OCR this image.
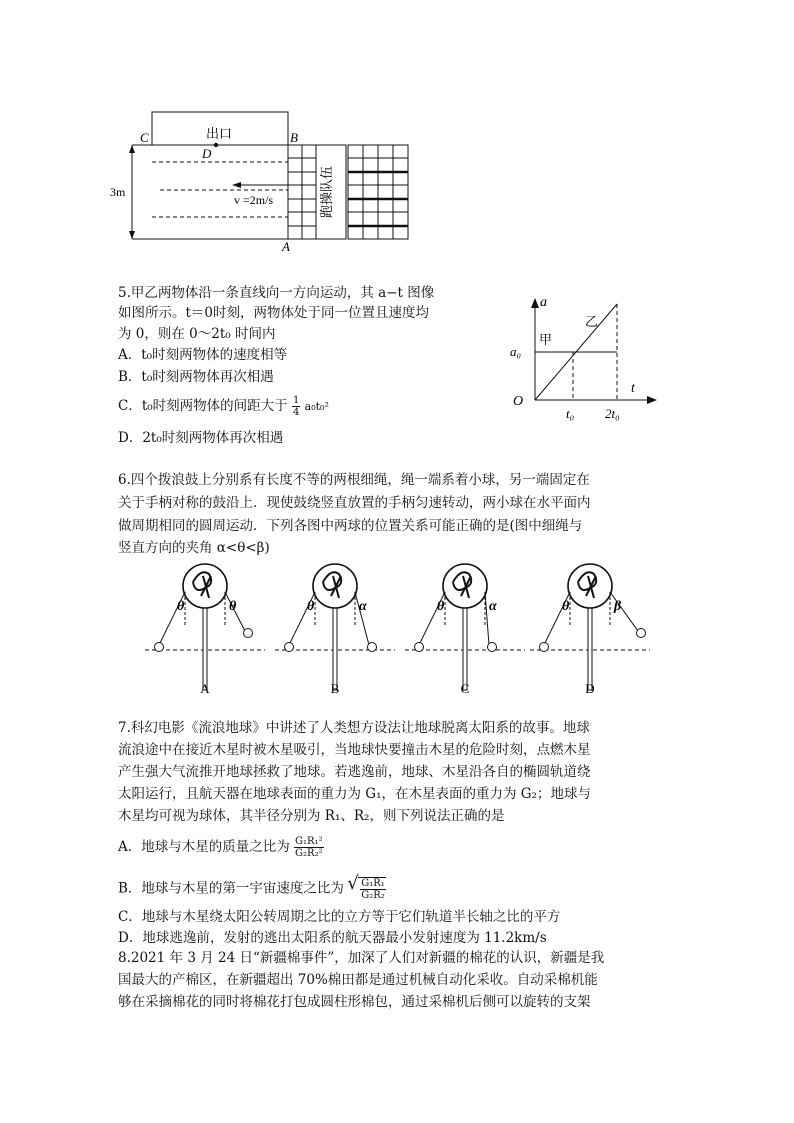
C	B
D
A
出口
3m
v =2m/s	跑操队伍
5.甲乙两物体沿一条直线向一方向运动，其 a−t 图像
如图所示。t＝0时刻，两物体处于同一位置且速度均
为 0，则在 0～2t₀ 时间内
A．t₀时刻两物体的速度相等
B．t₀时刻两物体再次相遇
C．t₀时刻两物体的间距大于 $\frac{1}{4} a_0t_0^2$
D．2t₀时刻两物体再次相遇
a
t
O
a₀
t₀ 2t₀
甲
乙
6.四个拨浪鼓上分别系有长度不等的两根细绳，绳一端系着小球，另一端固定在
关于手柄对称的鼓沿上．现使鼓绕竖直放置的手柄匀速转动，两小球在水平面内
做周期相同的圆周运动．下列各图中两球的位置关系可能正确的是(图中细绳与
竖直方向的夹角 α<θ<β)
θ	θ
A
θ	α
B
θ	α
C
θ	β
D
7.科幻电影《流浪地球》中讲述了人类想方设法让地球脱离太阳系的故事。地球
流浪途中在接近木星时被木星吸引，当地球快要撞击木星的危险时刻，点燃木星
产生强大气流推开地球拯救了地球。若逃逸前，地球、木星沿各自的椭圆轨道绕
太阳运行，且航天器在地球表面的重力为 G₁，在木星表面的重力为 G₂；地球与
木星均可视为球体，其半径分别为 R₁、R₂，则下列说法正确的是
A．地球与木星的质量之比为 $\frac{\text{G₁R₁²}}{\text{G₂R₂²}}$
B．地球与木星的第一宇宙速度之比为
√ $\frac{\text{G₁R₁}}{\text{G₂R₂}}$
C．地球与木星绕太阳公转周期之比的立方等于它们轨道半长轴之比的平方
D．地球逃逸前，发射的逃出太阳系的航天器最小发射速度为 11.2km/s
8.2021 年 3 月 24 日“新疆棉事件”，加深了人们对新疆的棉花的认识，新疆是我
国最大的产棉区，在新疆超出 70%棉田都是通过机械自动化采收。自动采棉机能
够在采摘棉花的同时将棉花打包成圆柱形棉包，通过采棉机后侧可以旋转的支架
